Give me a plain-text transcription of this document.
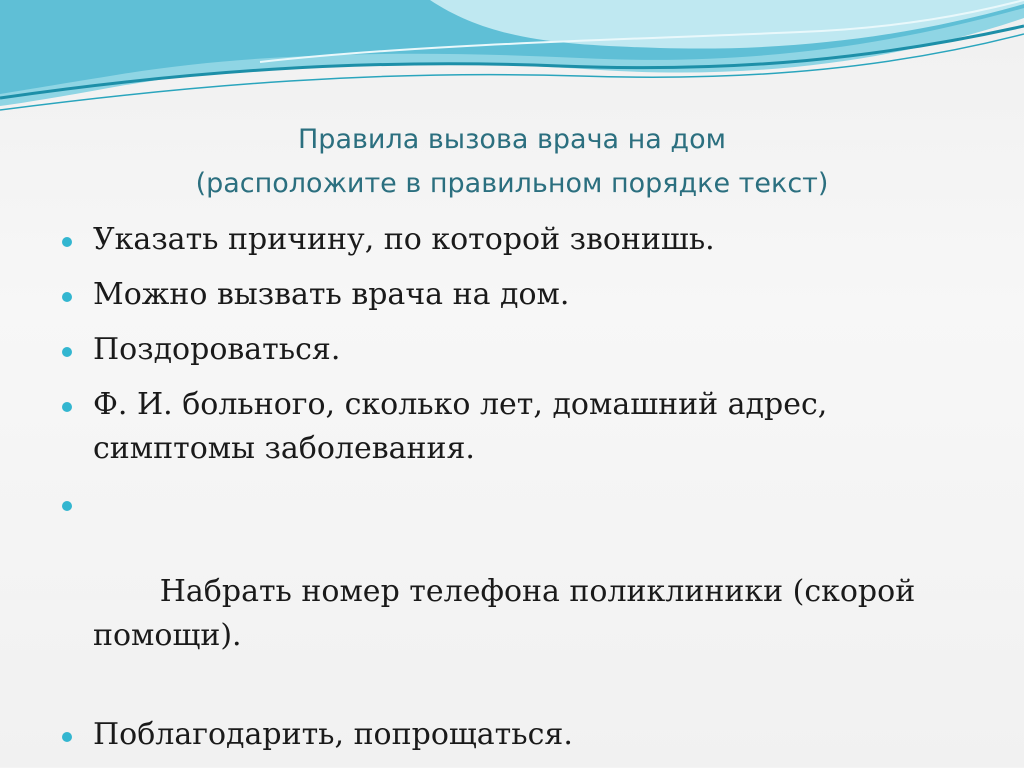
Правила вызова врача на дом
(расположите в правильном порядке текст)
Указать причину, по которой звонишь.
Можно вызвать врача на дом.
Поздороваться.
Ф. И. больного, сколько лет, домашний адрес, симптомы заболевания.

Набрать номер телефона поликлиники (скорой помощи).

Поблагодарить, попрощаться.
